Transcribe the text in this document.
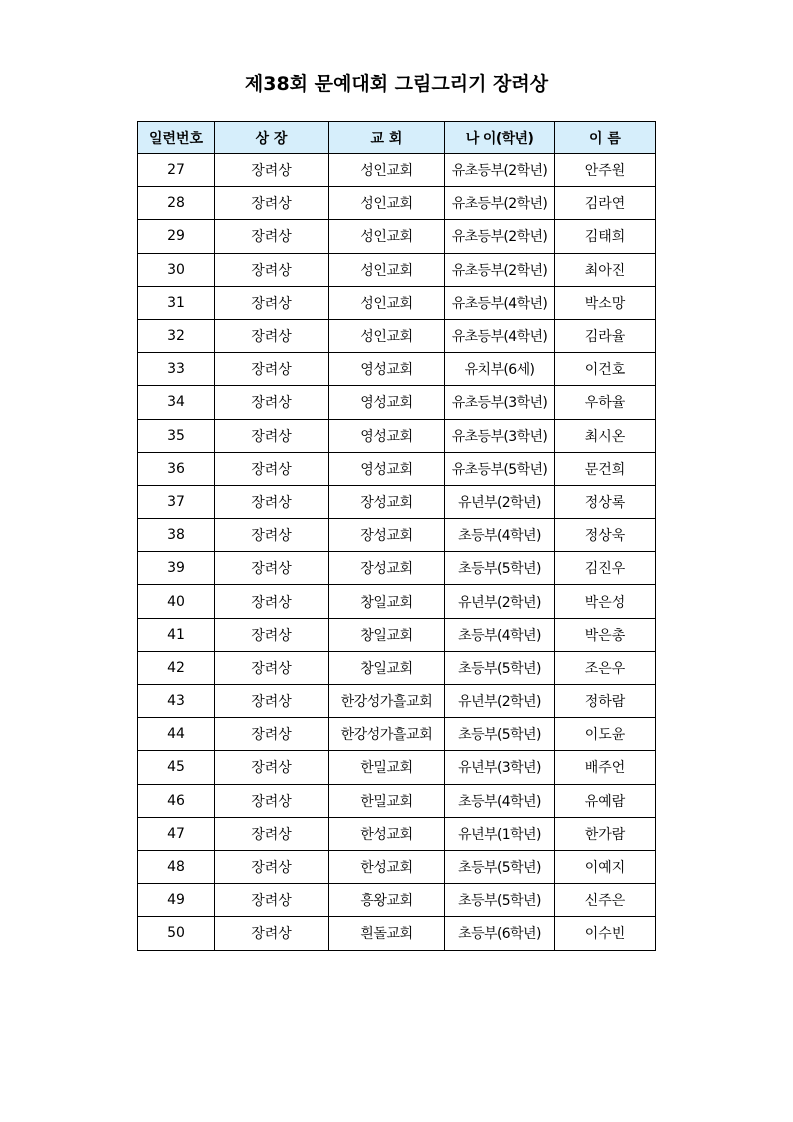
제38회 문예대회 그림그리기 장려상
일련번호	상 장	교 회	나 이(학년)	이 름
27	장려상	성인교회	유초등부(2학년)	안주원
28	장려상	성인교회	유초등부(2학년)	김라연
29	장려상	성인교회	유초등부(2학년)	김태희
30	장려상	성인교회	유초등부(2학년)	최아진
31	장려상	성인교회	유초등부(4학년)	박소망
32	장려상	성인교회	유초등부(4학년)	김라율
33	장려상	영성교회	유치부(6세)	이건호
34	장려상	영성교회	유초등부(3학년)	우하율
35	장려상	영성교회	유초등부(3학년)	최시온
36	장려상	영성교회	유초등부(5학년)	문건희
37	장려상	장성교회	유년부(2학년)	정상록
38	장려상	장성교회	초등부(4학년)	정상욱
39	장려상	장성교회	초등부(5학년)	김진우
40	장려상	창일교회	유년부(2학년)	박은성
41	장려상	창일교회	초등부(4학년)	박은총
42	장려상	창일교회	초등부(5학년)	조은우
43	장려상	한강성가흘교회	유년부(2학년)	정하람
44	장려상	한강성가흘교회	초등부(5학년)	이도윤
45	장려상	한밀교회	유년부(3학년)	배주언
46	장려상	한밀교회	초등부(4학년)	유예람
47	장려상	한성교회	유년부(1학년)	한가람
48	장려상	한성교회	초등부(5학년)	이예지
49	장려상	흥왕교회	초등부(5학년)	신주은
50	장려상	흰돌교회	초등부(6학년)	이수빈
